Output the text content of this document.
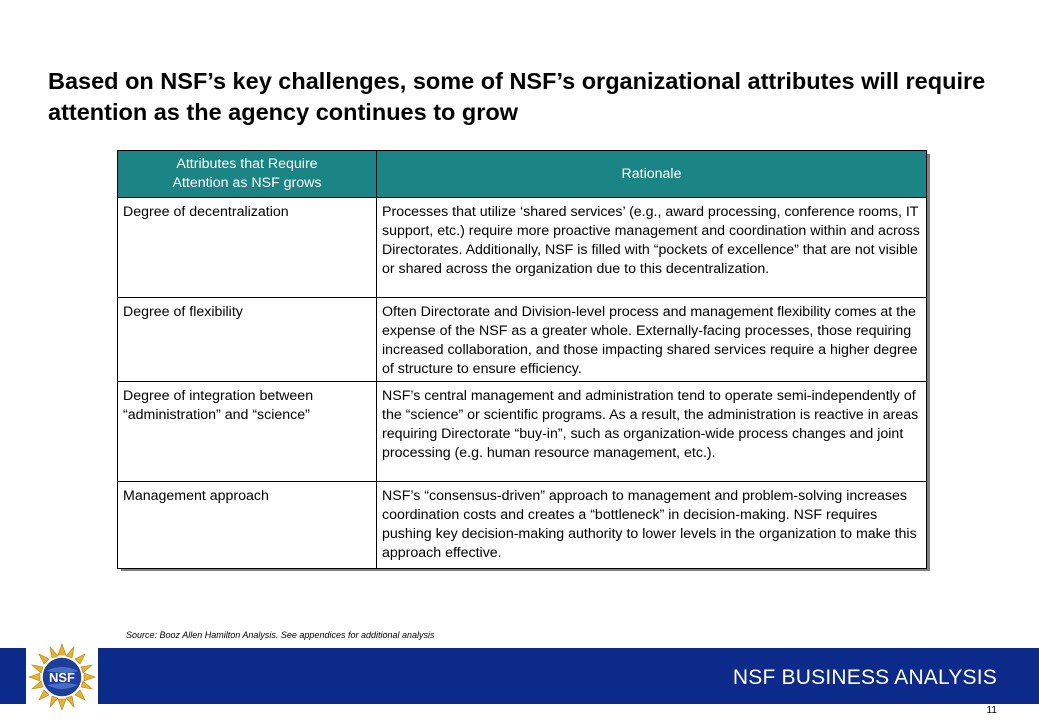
Based on NSF’s key challenges, some of NSF’s organizational attributes will require attention as the agency continues to grow
Attributes that Require Attention as NSF grows	Rationale
Degree of decentralization	Processes that utilize ‘shared services’ (e.g., award processing, conference rooms, IT support, etc.) require more proactive management and coordination within and across Directorates. Additionally, NSF is filled with “pockets of excellence” that are not visible or shared across the organization due to this decentralization.
Degree of flexibility	Often Directorate and Division-level process and management flexibility comes at the expense of the NSF as a greater whole. Externally-facing processes, those requiring increased collaboration, and those impacting shared services require a higher degree of structure to ensure efficiency.

Degree of integration between “administration” and “science”	NSF’s central management and administration tend to operate semi-independently of the “science” or scientific programs. As a result, the administration is reactive in areas requiring Directorate “buy-in”, such as organization-wide process changes and joint processing (e.g. human resource management, etc.).
Management approach	NSF’s “consensus-driven” approach to management and problem-solving increases coordination costs and creates a “bottleneck” in decision-making. NSF requires pushing key decision-making authority to lower levels in the organization to make this approach effective.
Source: Booz Allen Hamilton Analysis. See appendices for additional analysis
NSF BUSINESS ANALYSIS
NSF
11
